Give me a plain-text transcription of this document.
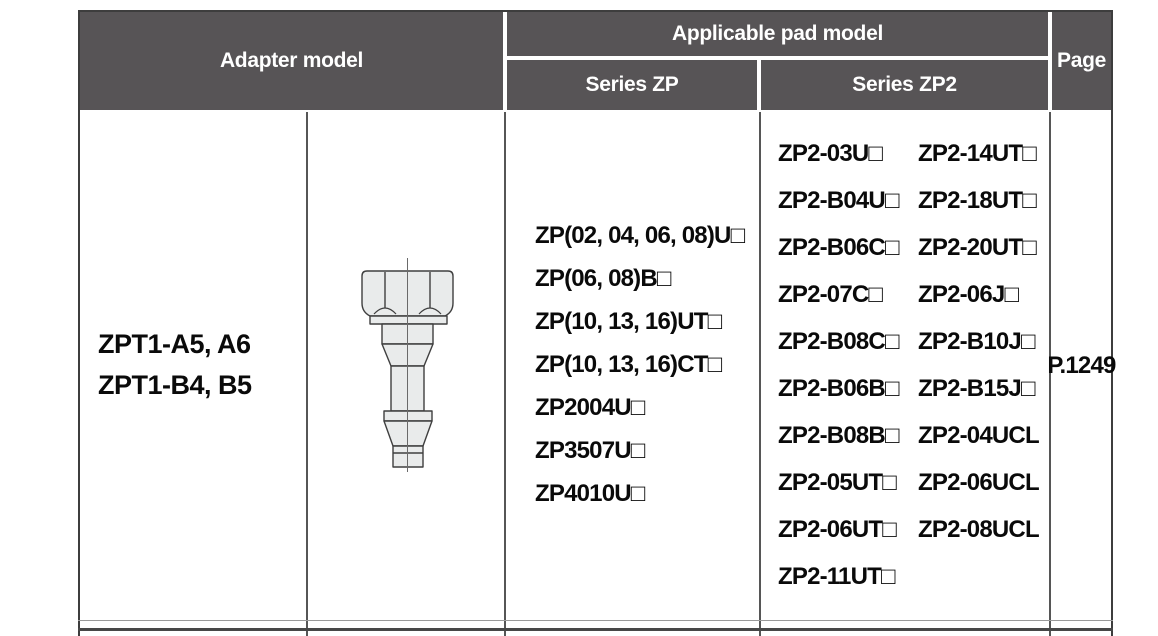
Adapter model
Applicable pad model
Series ZP	Series ZP2
Page
ZPT1-A5, A6
ZPT1-B4, B5
ZP(02, 04, 06, 08)U□
ZP(06, 08)B□
ZP(10, 13, 16)UT□
ZP(10, 13, 16)CT□
ZP2004U□
ZP3507U□
ZP4010U□
ZP2-03U□
ZP2-B04U□
ZP2-B06C□
ZP2-07C□
ZP2-B08C□
ZP2-B06B□
ZP2-B08B□
ZP2-05UT□
ZP2-06UT□
ZP2-11UT□
ZP2-14UT□
ZP2-18UT□
ZP2-20UT□
ZP2-06J□
ZP2-B10J□
ZP2-B15J□
ZP2-04UCL
ZP2-06UCL
ZP2-08UCL
P.1249
